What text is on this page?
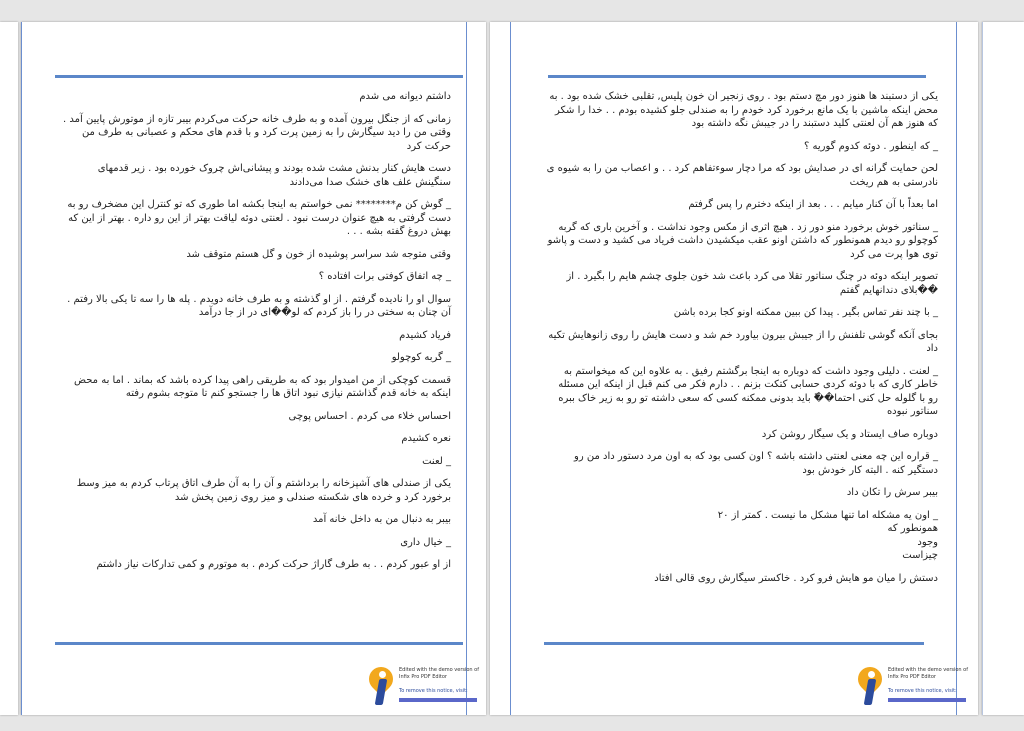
داشتم دیوانه می شدم

زمانی که از جنگل بیرون آمده و به طرف خانه حرکت می‌کردم بیبر تازه از موتورش پایین آمد . وقتی من را دید سیگارش را به زمین پرت کرد و با قدم های محکم و عصبانی به طرف من حرکت کرد

دست هایش کنار بدنش مشت شده بودند و پیشانی‌اش چروک خورده بود . زیر قدمهای سنگینش علف های خشک صدا می‌دادند

_ گوش کن م******** نمی خواستم به اینجا بکشه اما طوری که تو کنترل این مضخرف رو به دست گرفتی به هیچ عنوان درست نبود . لعنتی دوئه لیاقت بهتر از این رو داره . بهتر از این که بهش دروغ گفته بشه . . .

وقتی متوجه شد سراسر پوشیده از خون و گل هستم متوقف شد

_ چه اتفاق کوفتی برات افتاده ؟

سوال او را نادیده گرفتم . از او گذشته و به طرف خانه دویدم . پله ها را سه تا یکی بالا رفتم . آن چنان به سختی در را باز کردم که لو��ای در از جا درآمد

فریاد کشیدم

_ گربه کوچولو

قسمت کوچکی از من امیدوار بود که به طریقی راهی پیدا کرده باشد که بماند . اما به محض اینکه به خانه قدم گذاشتم نیازی نبود اتاق ها را جستجو کنم تا متوجه بشوم رفته

احساس خلاء می کردم . احساس پوچی

نعره کشیدم

_ لعنت

یکی از صندلی های آشپزخانه را برداشتم و آن را به آن طرف اتاق پرتاب کردم به میز وسط برخورد کرد و خرده های شکسته صندلی و میز روی زمین پخش شد

بیبر به دنبال من به داخل خانه آمد

_ خیال داری

از او عبور کردم . . به طرف گاراژ حرکت کردم . به موتورم و کمی تدارکات نیاز داشتم

Edited with the demo version of
Infix Pro PDF Editor
To remove this notice, visit:

یکی از دستبند ها هنوز دور مچ دستم بود . روی زنجیر ان خون پلیس, تقلبی خشک شده بود . به محض اینکه ماشین با یک مانع برخورد کرد خودم را به صندلی جلو کشیده بودم . . خدا را شکر که هنوز هم آن لعنتی کلید دستبند را در جیبش نگه داشته بود

_ که اینطور . دوئه کدوم گوریه ؟

لحن حمایت گرانه ای در صدایش بود که مرا دچار سوءتفاهم کرد . . و اعصاب من را به شیوه ی نادرستی به هم ریخت

اما بعداً با آن کنار میایم . . . بعد از اینکه دخترم را پس گرفتم

_ سناتور خوش برخورد منو دور زد . هیچ اثری از مکس وجود نداشت . و آخرین باری که گربه کوچولو رو دیدم همونطور که داشتن اونو عقب میکشیدن داشت فریاد می کشید و دست و پاشو توی هوا پرت می کرد

تصویر اینکه دوئه در چنگ سناتور تقلا می کرد باعث شد خون جلوی چشم هایم را بگیرد . از ��بلای دندانهایم گفتم

_ با چند نفر تماس بگیر . پیدا کن ببین ممکنه اونو کجا برده باشن

بجای آنکه گوشی تلفنش را از جیبش بیرون بیاورد خم شد و دست هایش را روی زانوهایش تکیه داد

_ لعنت . دلیلی وجود داشت که دوباره به اینجا برگشتم رفیق . به علاوه این که میخواستم به خاطر کاری که با دوئه کردی حسابی کتکت بزنم . . دارم فکر می کنم قبل از اینکه این مسئله رو با گلوله حل کنی احتما��ً باید بدونی ممکنه کسی که سعی داشته تو رو به زیر خاک ببره سناتور نبوده

دوباره صاف ایستاد و یک سیگار روشن کرد

_ قراره این چه معنی لعنتی داشته باشه ؟ اون کسی بود که به اون مرد دستور داد من رو دستگیر کنه . البته کار خودش بود

بیبر سرش را تکان داد

_ اون یه مشکله اما تنها مشکل ما نیست . کمتر از ۲۰
همونطور که
وجود
چیزاست

دستش را میان مو هایش فرو کرد . خاکستر سیگارش روی قالی افتاد

Edited with the demo version of
Infix Pro PDF Editor
To remove this notice, visit:
